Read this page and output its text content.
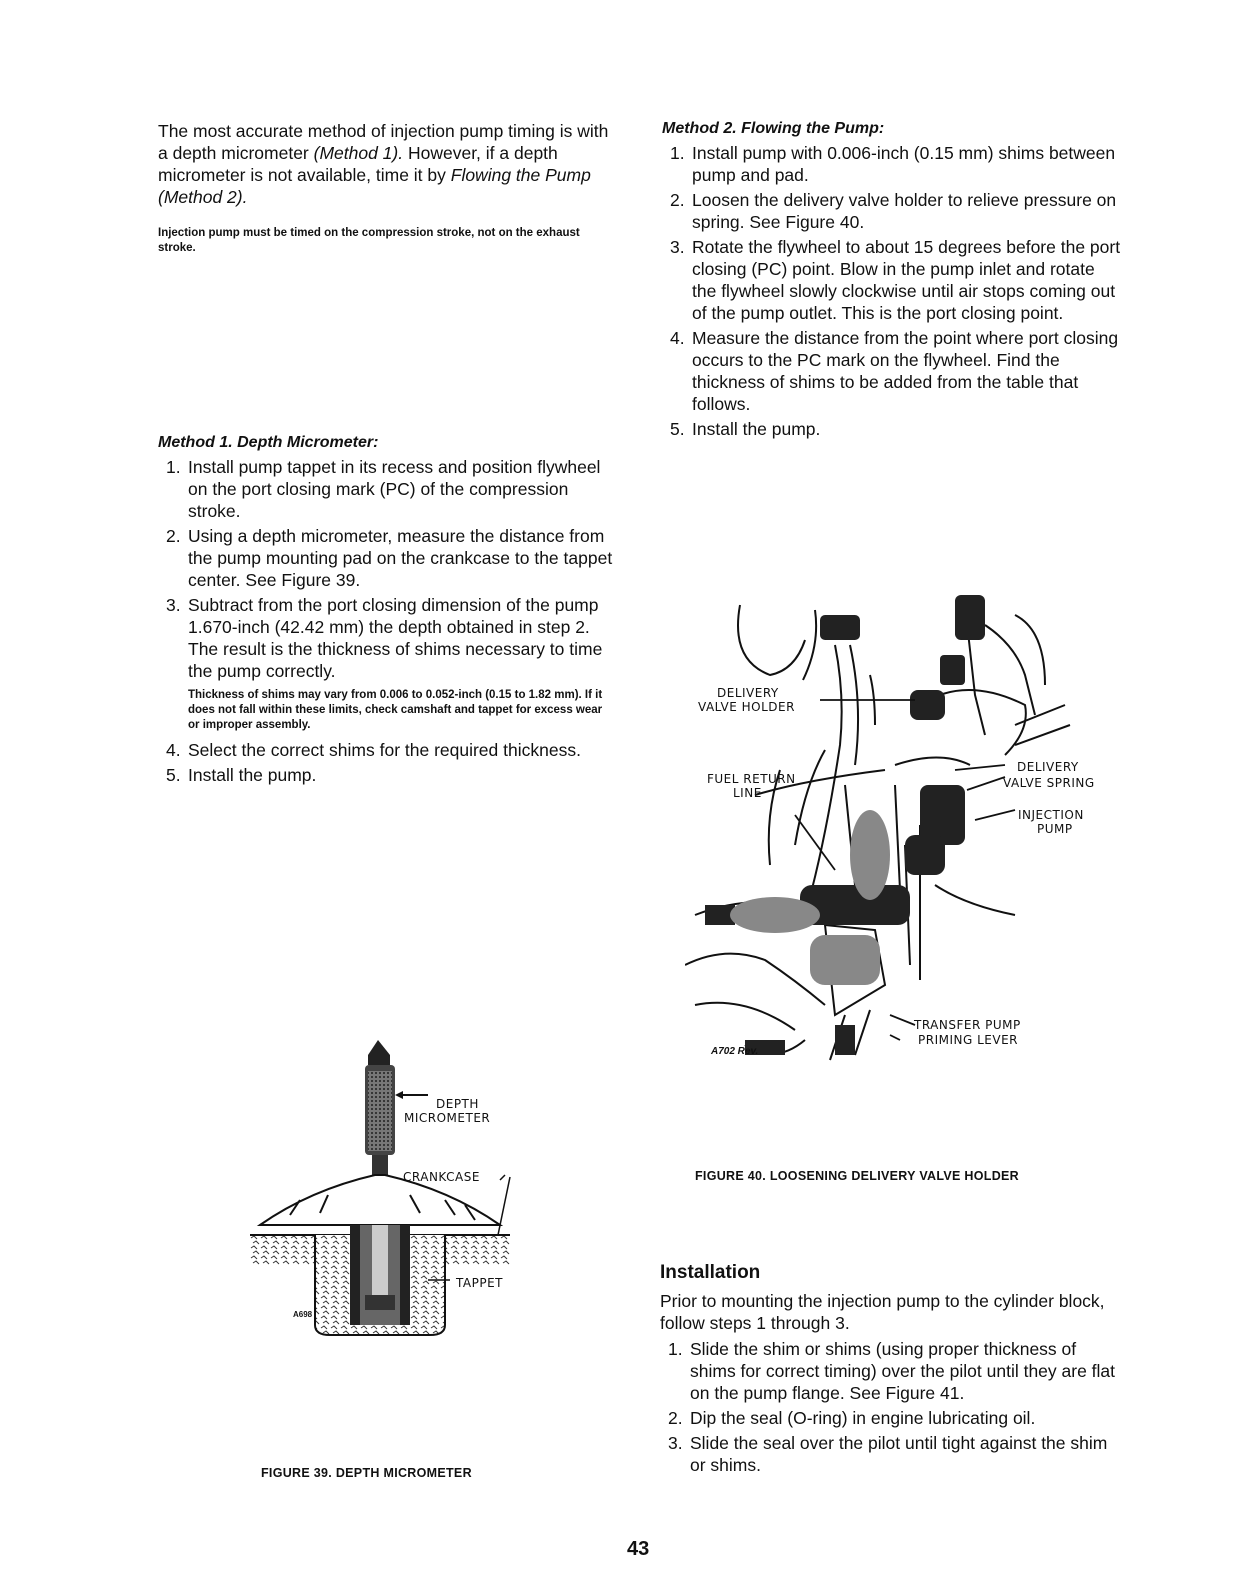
The most accurate method of injection pump timing is with a depth micrometer (Method 1). However, if a depth micrometer is not available, time it by Flowing the Pump (Method 2).

Injection pump must be timed on the compression stroke, not on the exhaust stroke.

Method 1. Depth Micrometer:

1. Install pump tappet in its recess and position flywheel on the port closing mark (PC) of the compression stroke.
2. Using a depth micrometer, measure the distance from the pump mounting pad on the crankcase to the tappet center. See Figure 39.
3. Subtract from the port closing dimension of the pump 1.670-inch (42.42 mm) the depth obtained in step 2. The result is the thickness of shims necessary to time the pump correctly.

Thickness of shims may vary from 0.006 to 0.052-inch (0.15 to 1.82 mm). If it does not fall within these limits, check camshaft and tappet for excess wear or improper assembly.

4. Select the correct shims for the required thickness.
5. Install the pump.
DEPTH
MICROMETER
CRANKCASE
TAPPET
A698
FIGURE 39. DEPTH MICROMETER

Method 2. Flowing the Pump:

1. Install pump with 0.006-inch (0.15 mm) shims between pump and pad.
2. Loosen the delivery valve holder to relieve pressure on spring. See Figure 40.
3. Rotate the flywheel to about 15 degrees before the port closing (PC) point. Blow in the pump inlet and rotate the flywheel slowly clockwise until air stops coming out of the pump outlet. This is the port closing point.
4. Measure the distance from the point where port closing occurs to the PC mark on the flywheel. Find the thickness of shims to be added from the table that follows.
5. Install the pump.
DELIVERY
VALVE HOLDER
FUEL RETURN
LINE
DELIVERY
VALVE SPRING
INJECTION
PUMP
TRANSFER PUMP
PRIMING LEVER
A702 Rev.
FIGURE 40. LOOSENING DELIVERY VALVE HOLDER

Installation

Prior to mounting the injection pump to the cylinder block, follow steps 1 through 3.

1. Slide the shim or shims (using proper thickness of shims for correct timing) over the pilot until they are flat on the pump flange. See Figure 41.
2. Dip the seal (O-ring) in engine lubricating oil.
3. Slide the seal over the pilot until tight against the shim or shims.
43
